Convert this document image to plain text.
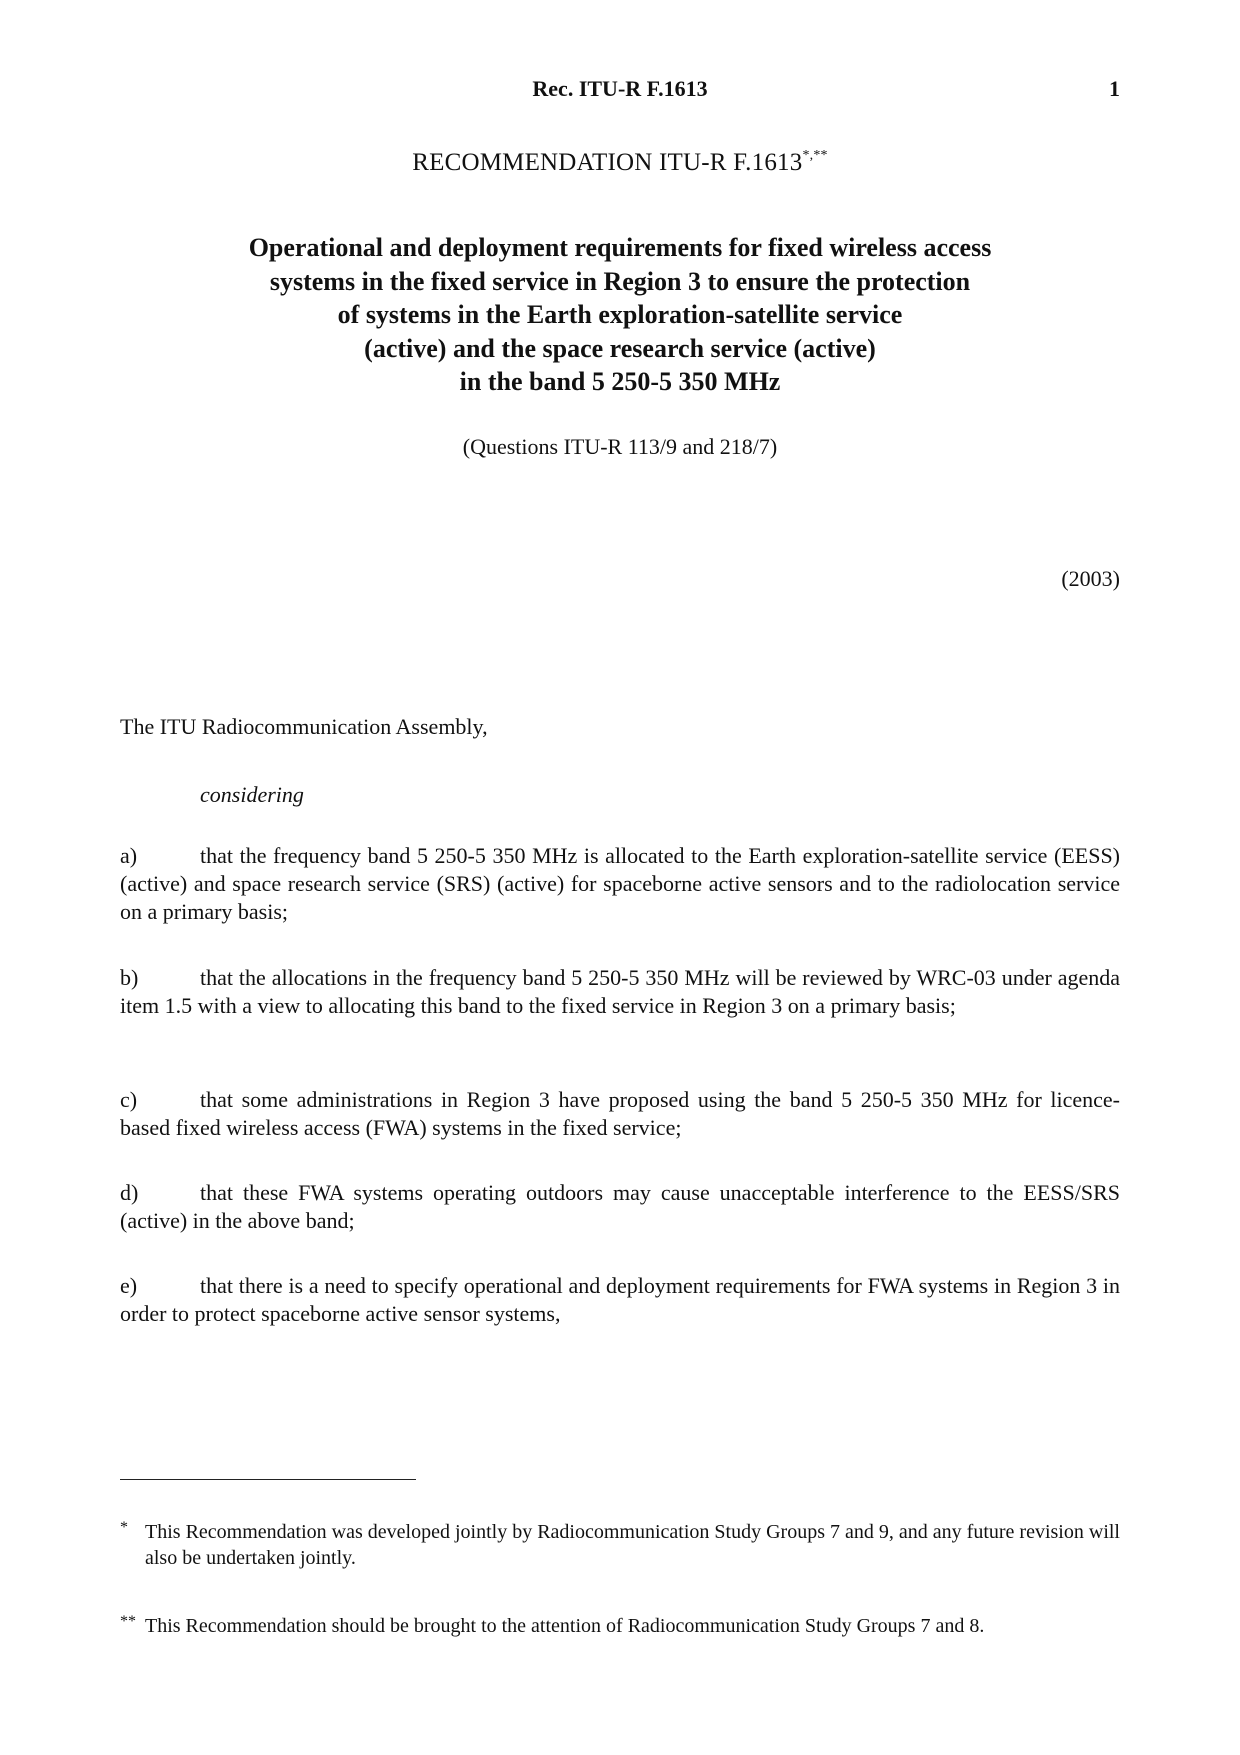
Rec. ITU-R F.1613	1
RECOMMENDATION ITU-R F.1613*,**
Operational and deployment requirements for fixed wireless access
systems in the fixed service in Region 3 to ensure the protection
of systems in the Earth exploration-satellite service
(active) and the space research service (active)
in the band 5 250-5 350 MHz
(Questions ITU-R 113/9 and 218/7)
(2003)
The ITU Radiocommunication Assembly,
considering
a)	that the frequency band 5 250-5 350 MHz is allocated to the Earth exploration-satellite service (EESS) (active) and space research service (SRS) (active) for spaceborne active sensors and to the radiolocation service on a primary basis;
b)	that the allocations in the frequency band 5 250-5 350 MHz will be reviewed by WRC-03 under agenda item 1.5 with a view to allocating this band to the fixed service in Region 3 on a primary basis;
c)	that some administrations in Region 3 have proposed using the band 5 250-5 350 MHz for licence-based fixed wireless access (FWA) systems in the fixed service;
d)	that these FWA systems operating outdoors may cause unacceptable interference to the EESS/SRS (active) in the above band;
e)	that there is a need to specify operational and deployment requirements for FWA systems in Region 3 in order to protect spaceborne active sensor systems,
* This Recommendation was developed jointly by Radiocommunication Study Groups 7 and 9, and any future revision will also be undertaken jointly.
** This Recommendation should be brought to the attention of Radiocommunication Study Groups 7 and 8.
